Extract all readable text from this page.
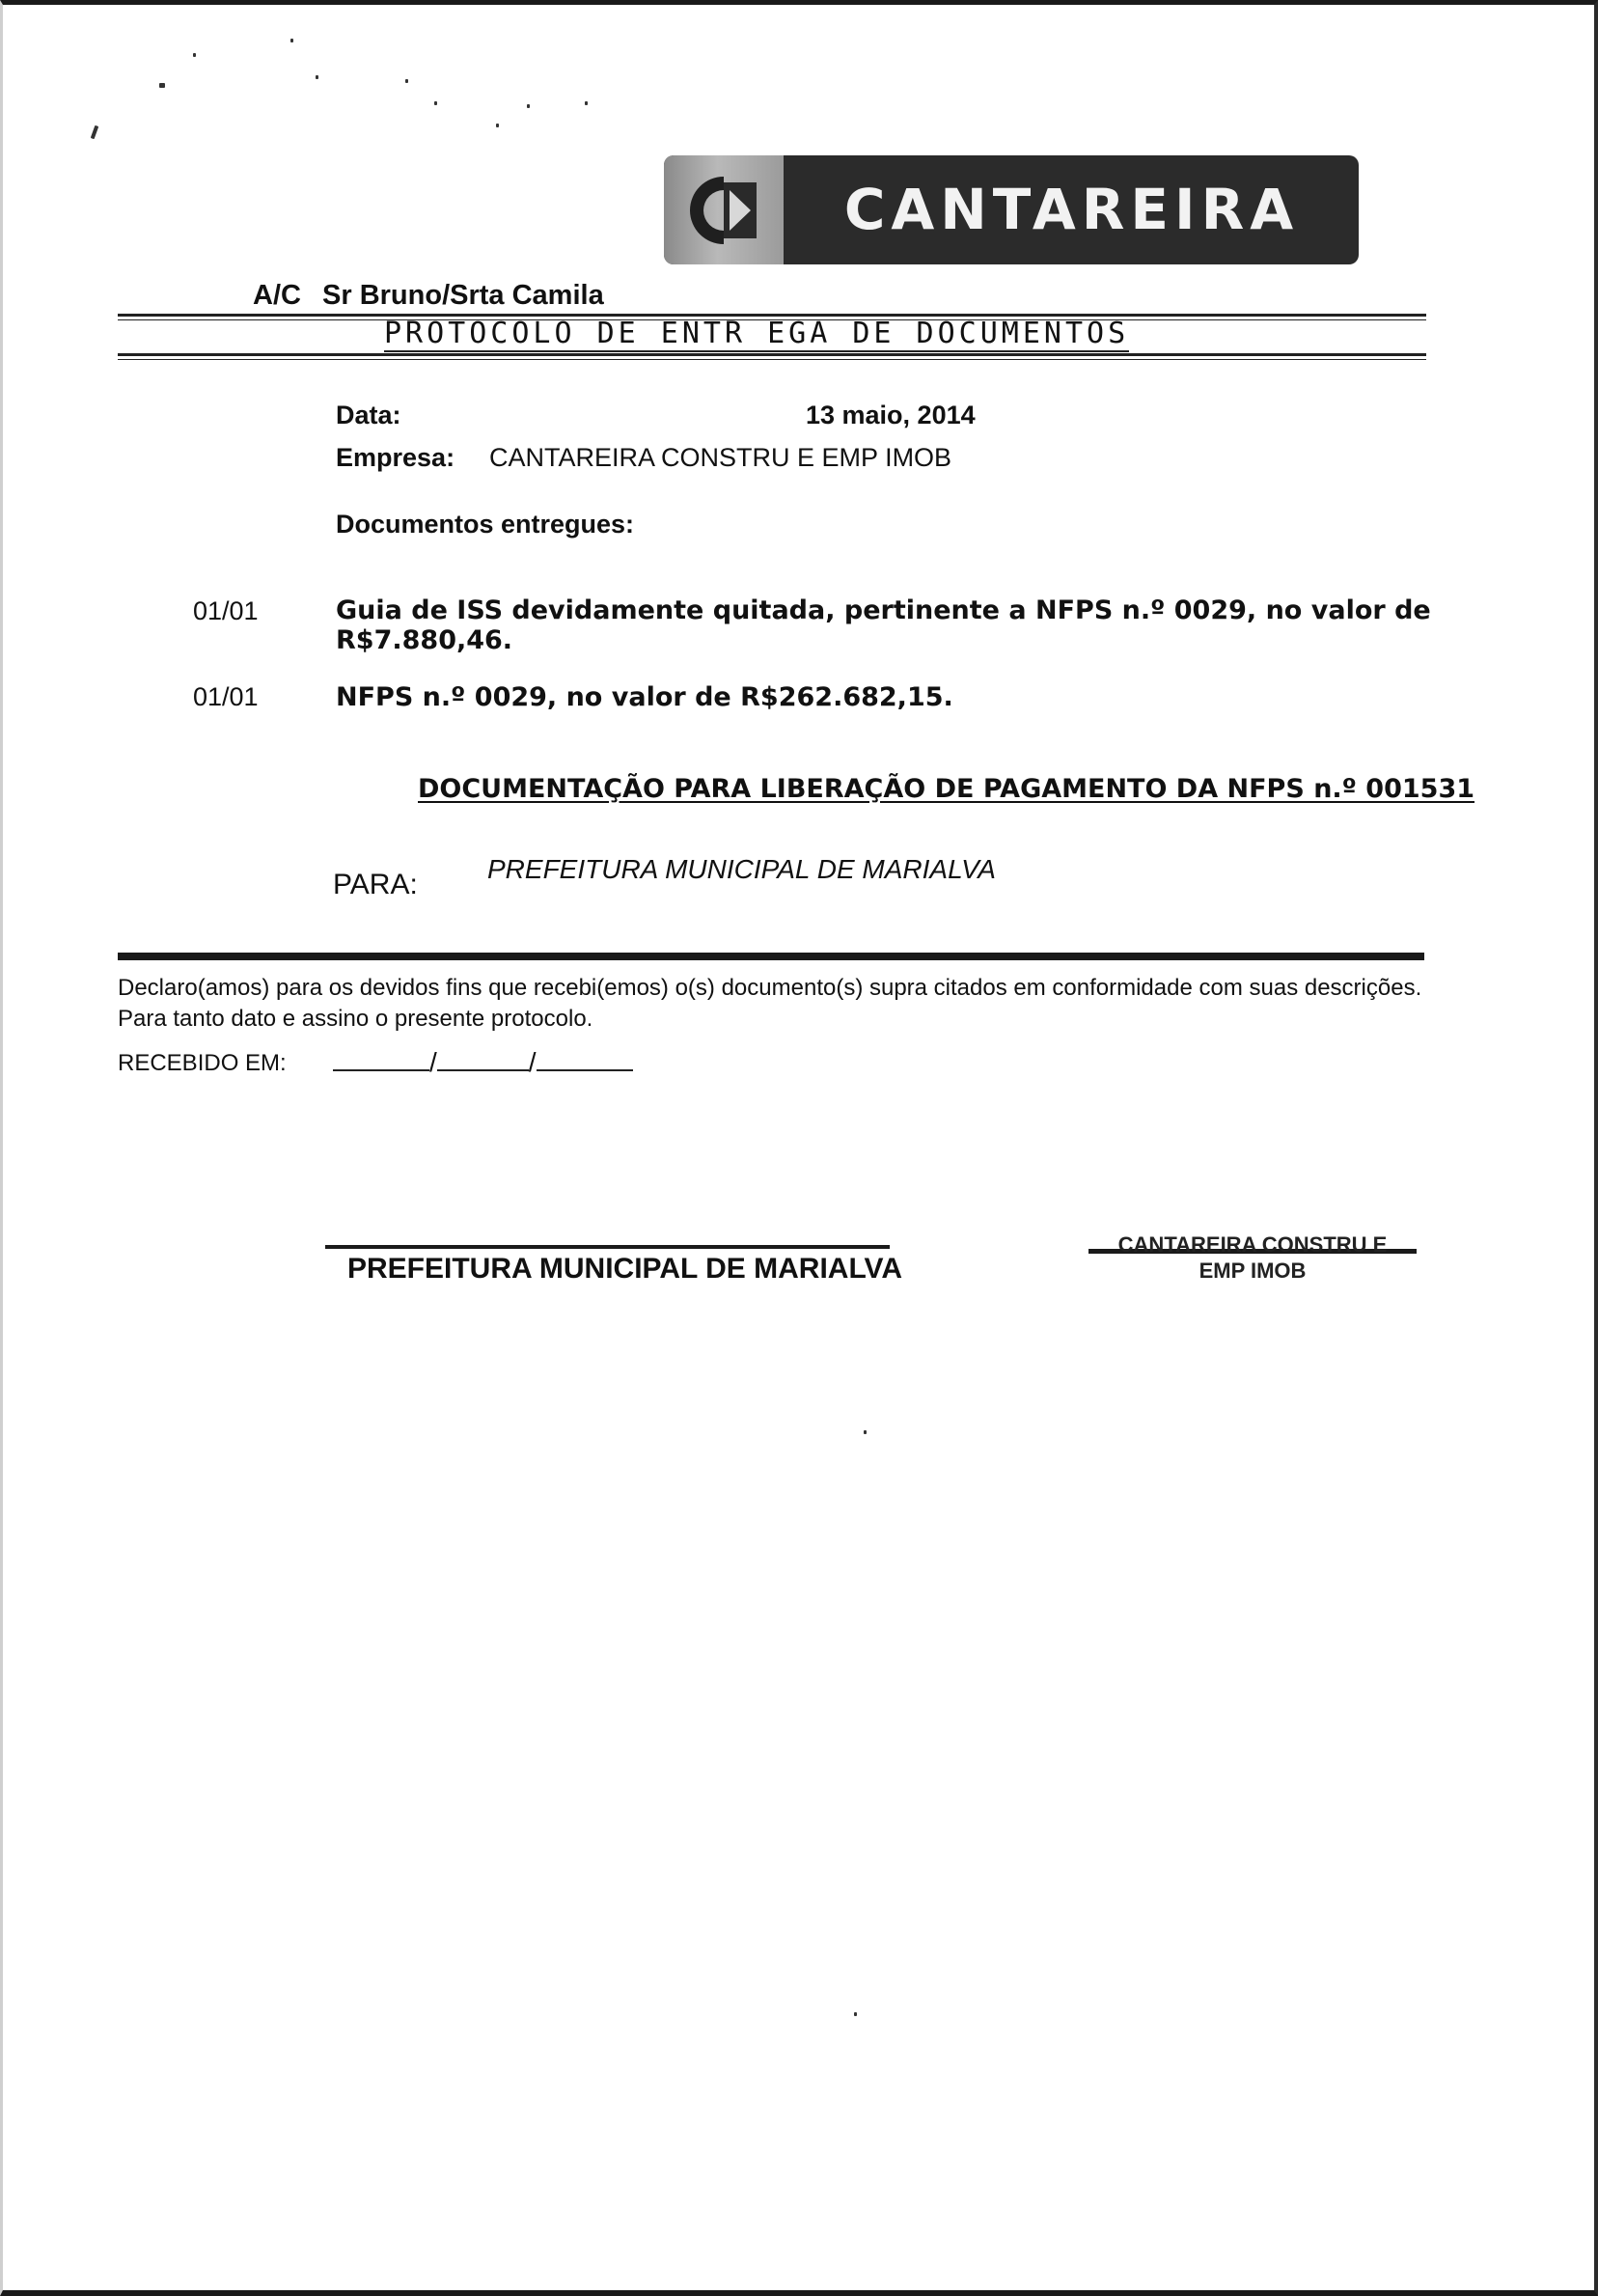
CANTAREIRA
A/C Sr Bruno/Srta Camila
PROTOCOLO DE ENTR EGA DE DOCUMENTOS
Data:	13 maio, 2014
Empresa: CANTAREIRA CONSTRU E EMP IMOB
Documentos entregues:
01/01	Guia de ISS devidamente quitada, pertinente a NFPS n.º 0029, no valor de R$7.880,46.
01/01	NFPS n.º 0029, no valor de R$262.682,15.
DOCUMENTAÇÃO PARA LIBERAÇÃO DE PAGAMENTO DA NFPS n.º 001531
PARA:	PREFEITURA MUNICIPAL DE MARIALVA
Declaro(amos) para os devidos fins que recebi(emos) o(s) documento(s) supra citados em conformidade com suas descrições. Para tanto dato e assino o presente protocolo.
RECEBIDO EM:	/	/
PREFEITURA MUNICIPAL DE MARIALVA
CANTAREIRA CONSTRU E
EMP IMOB
